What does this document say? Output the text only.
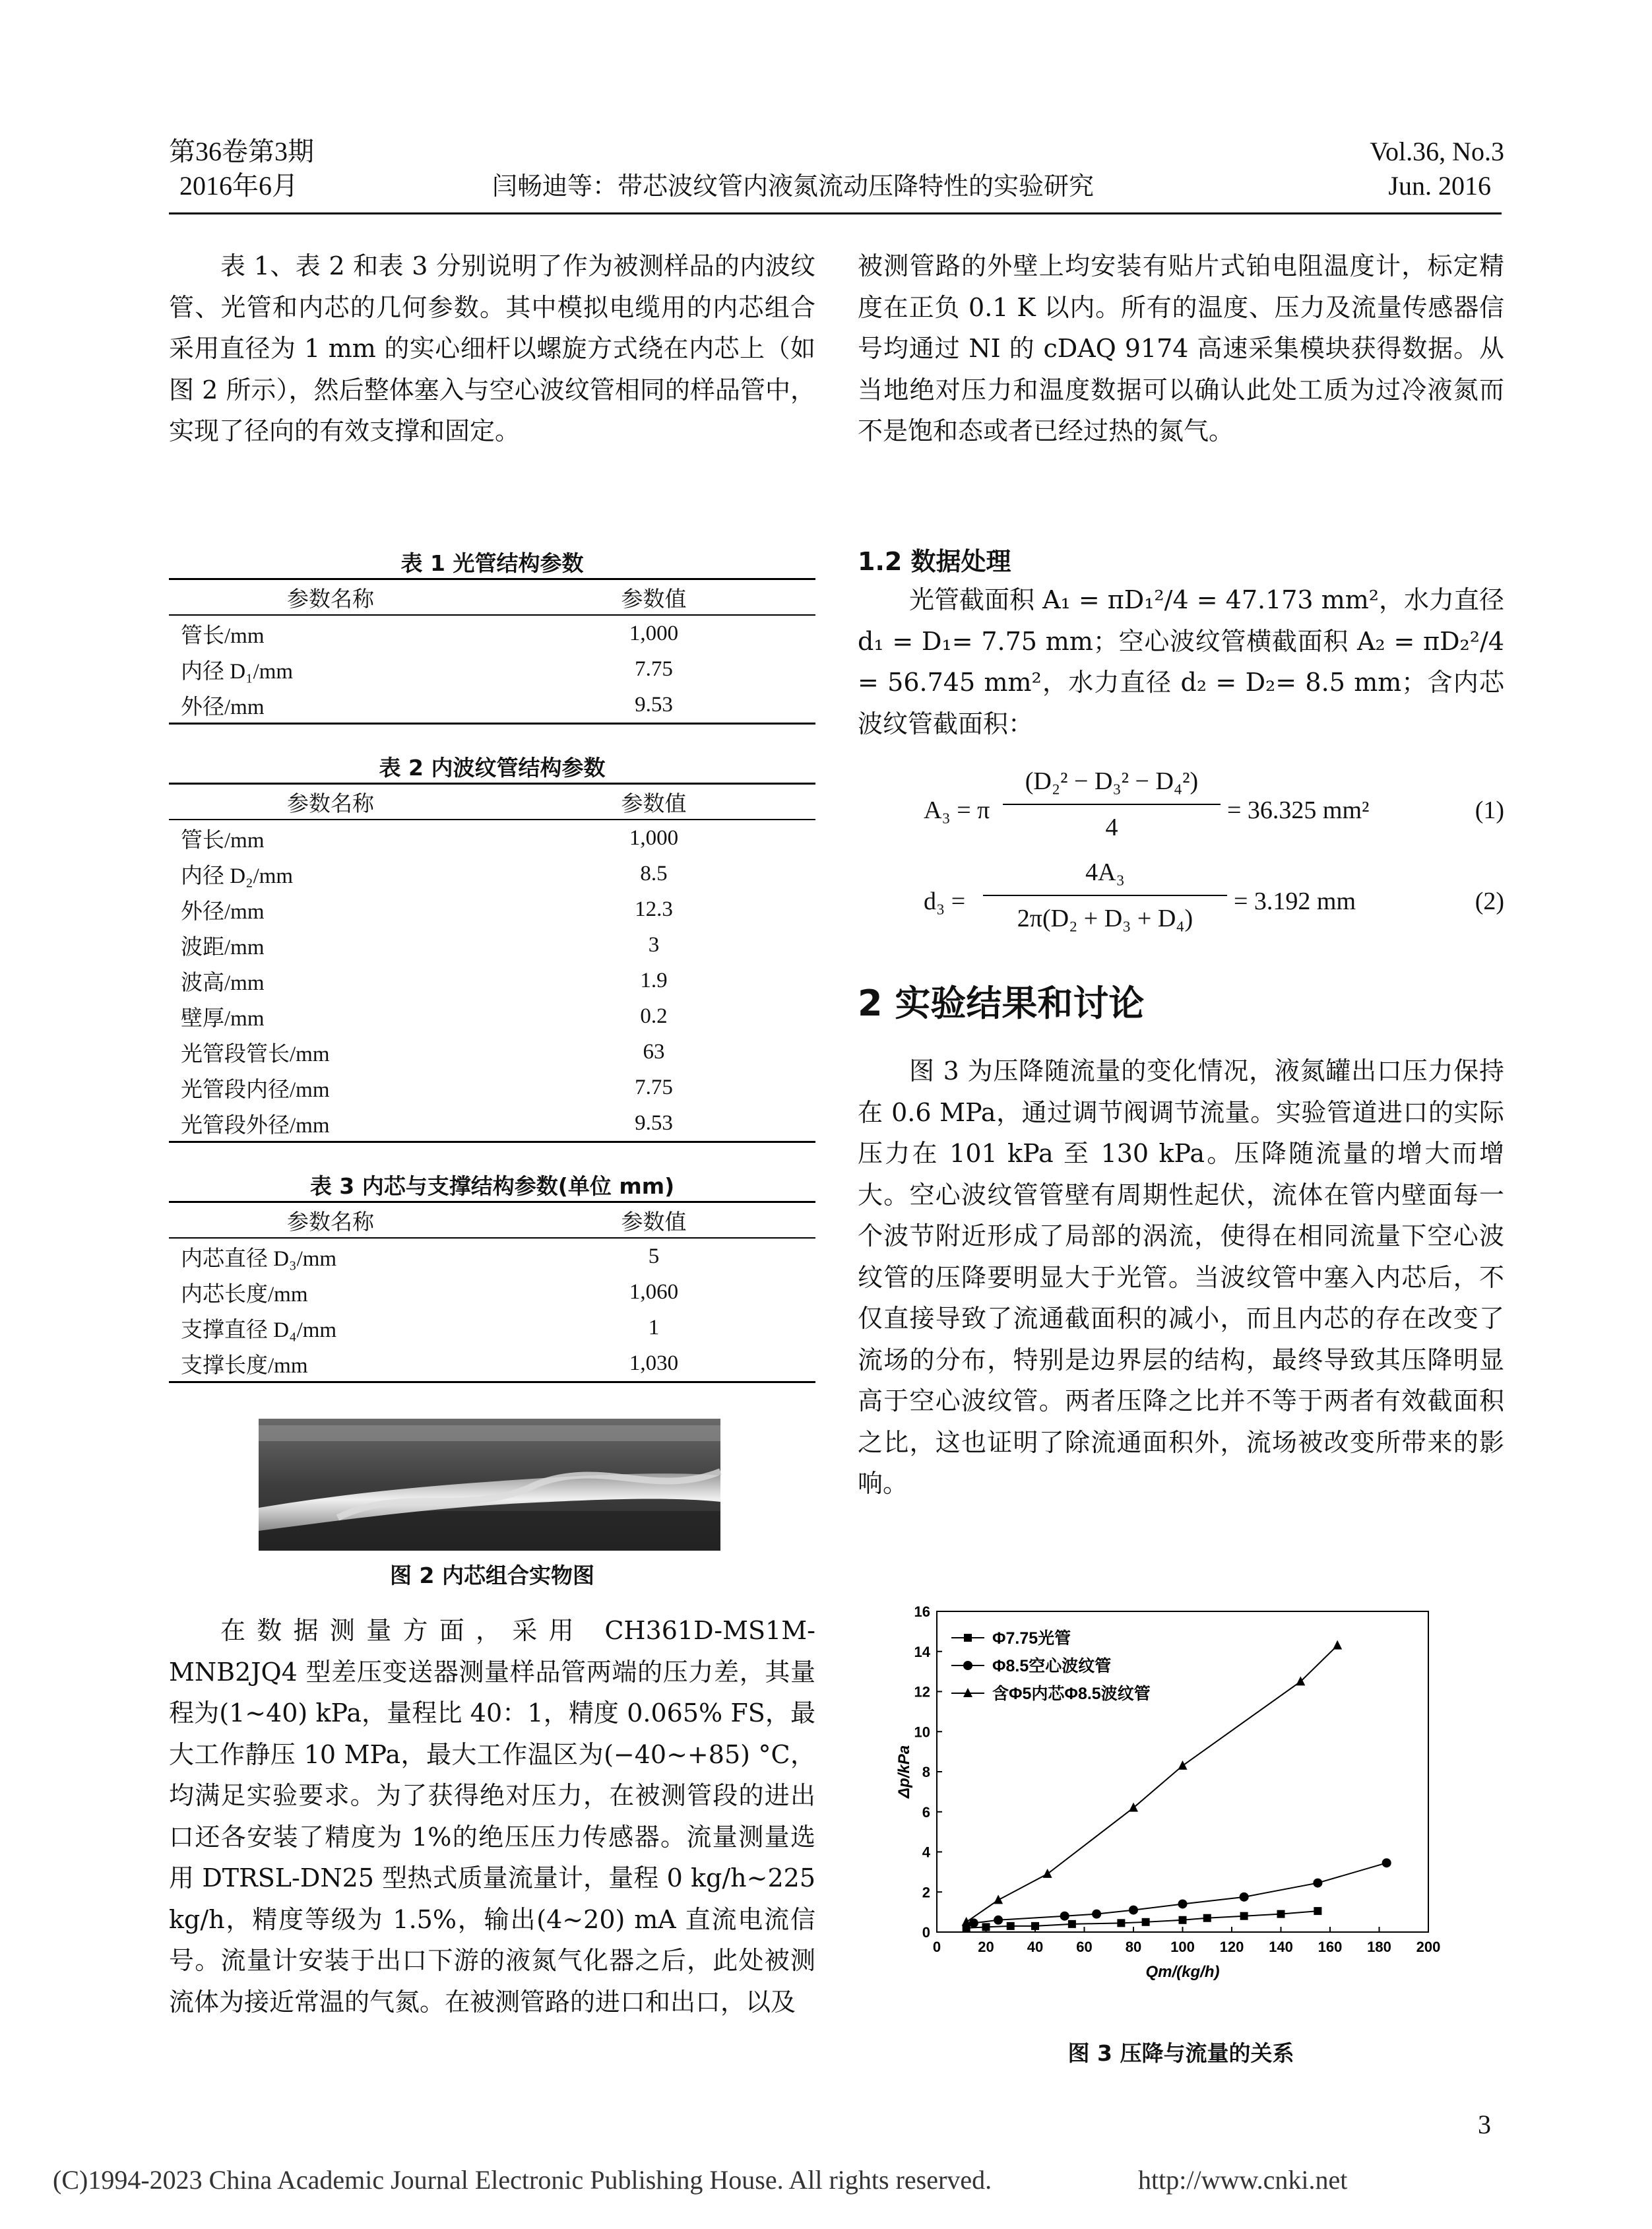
第36卷第3期
2016年6月	闫畅迪等：带芯波纹管内液氮流动压降特性的实验研究
Vol.36, No.3
Jun. 2016
表 1、表 2 和表 3 分别说明了作为被测样品的内波纹管、光管和内芯的几何参数。其中模拟电缆用的内芯组合采用直径为 1 mm 的实心细杆以螺旋方式绕在内芯上（如图 2 所示），然后整体塞入与空心波纹管相同的样品管中，实现了径向的有效支撑和固定。
表 1 光管结构参数
参数名称	参数值
管长/mm	1,000
内径 D₁/mm	7.75
外径/mm	9.53
表 2 内波纹管结构参数
参数名称	参数值
管长/mm	1,000
内径 D₂/mm	8.5
外径/mm	12.3
波距/mm	3
波高/mm	1.9
壁厚/mm	0.2
光管段管长/mm	63
光管段内径/mm	7.75
光管段外径/mm	9.53
表 3 内芯与支撑结构参数(单位 mm)
参数名称	参数值
内芯直径 D₃/mm	5
内芯长度/mm	1,060
支撑直径 D₄/mm	1
支撑长度/mm	1,030
图 2 内芯组合实物图
在数据测量方面，采用 CH361D-MS1M-MNB2JQ4 型差压变送器测量样品管两端的压力差，其量程为(1~40) kPa，量程比 40：1，精度 0.065% FS，最大工作静压 10 MPa，最大工作温区为(−40~+85) °C，均满足实验要求。为了获得绝对压力，在被测管段的进出口还各安装了精度为 1%的绝压压力传感器。流量测量选用 DTRSL-DN25 型热式质量流量计，量程 0 kg/h~225 kg/h，精度等级为 1.5%，输出(4~20) mA 直流电流信号。流量计安装于出口下游的液氮气化器之后，此处被测流体为接近常温的气氮。在被测管路的进口和出口，以及
被测管路的外壁上均安装有贴片式铂电阻温度计，标定精度在正负 0.1 K 以内。所有的温度、压力及流量传感器信号均通过 NI 的 cDAQ 9174 高速采集模块获得数据。从当地绝对压力和温度数据可以确认此处工质为过冷液氮而不是饱和态或者已经过热的氮气。
1.2 数据处理
光管截面积 A₁ = πD₁²/4 = 47.173 mm²，水力直径 d₁ = D₁= 7.75 mm；空心波纹管横截面积 A₂ = πD₂²/4 = 56.745 mm²，水力直径 d₂ = D₂= 8.5 mm；含内芯波纹管截面积：
A₃ = π
(D₂² − D₃² − D₄²)
4
= 36.325 mm²	(1)
d₃ =
4A₃
2π(D₂ + D₃ + D₄)
= 3.192 mm	(2)
2 实验结果和讨论
图 3 为压降随流量的变化情况，液氮罐出口压力保持在 0.6 MPa，通过调节阀调节流量。实验管道进口的实际压力在 101 kPa 至 130 kPa。压降随流量的增大而增大。空心波纹管管壁有周期性起伏，流体在管内壁面每一个波节附近形成了局部的涡流，使得在相同流量下空心波纹管的压降要明显大于光管。当波纹管中塞入内芯后，不仅直接导致了流通截面积的减小，而且内芯的存在改变了流场的分布，特别是边界层的结构，最终导致其压降明显高于空心波纹管。两者压降之比并不等于两者有效截面积之比，这也证明了除流通面积外，流场被改变所带来的影响。
0	20 40 60 80 100 120 140 160 180 200
0
2
4
6
8
10
12
14
16
Qm/(kg/h)
Δp/kPa
Φ7.75光管
Φ8.5空心波纹管
含Φ5内芯Φ8.5波纹管
图 3 压降与流量的关系
3
(C)1994-2023 China Academic Journal Electronic Publishing House. All rights reserved.	http://www.cnki.net
